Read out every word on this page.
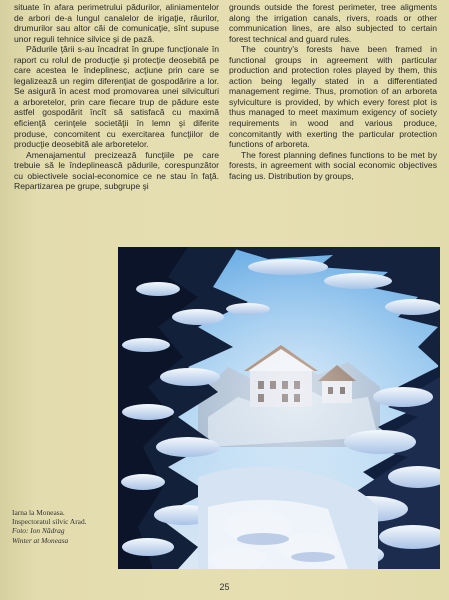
situate în afara perimetrului pădurilor, aliniamentelor de arbori de-a lungul canalelor de irigaţie, râurilor, drumurilor sau altor căi de comunicaţie, sînt supuse unor reguli tehnice silvice şi de pază.

Pădurile ţării s-au încadrat în grupe funcţionale în raport cu rolul de producţie şi protecţie deosebită pe care acestea le îndeplinesc, acţiune prin care se legalizează un regim diferenţiat de gospodărire a lor. Se asigură în acest mod promovarea unei silviculturi a arboretelor, prin care fiecare trup de pădure este astfel gospodărit încît să satisfacă cu maximă eficienţă cerinţele societăţii în lemn şi diferite produse, concomitent cu exercitarea funcţiilor de producţie deosebită ale arboretelor.

Amenajamentul precizează funcţiile pe care trebuie să le îndeplinească pădurile, corespunzător cu obiectivele social-economice ce ne stau în faţă. Repartizarea pe grupe, subgrupe şi

grounds outside the forest perimeter, tree aligments along the irrigation canals, rivers, roads or other communication lines, are also subjected to certain forest technical and guard rules.

The country's forests have been framed in functional groups in agreement with particular production and protection roles played by them, this action being legally stated in a differentiated management regime. Thus, promotion of an arboreta sylviculture is provided, by which every forest plot is thus managed to meet maximum exigency of society requirements in wood and various produce, concomitantly with exerting the particular protection functions of arboreta.

The forest planning defines functions to be met by forests, in agreement with social economic objectives facing us. Distribution by groups,

Iarna la Moneasa.
Inspectoratul silvic Arad.
Foto: Ion Nădrag
Winter at Moneasa
25
